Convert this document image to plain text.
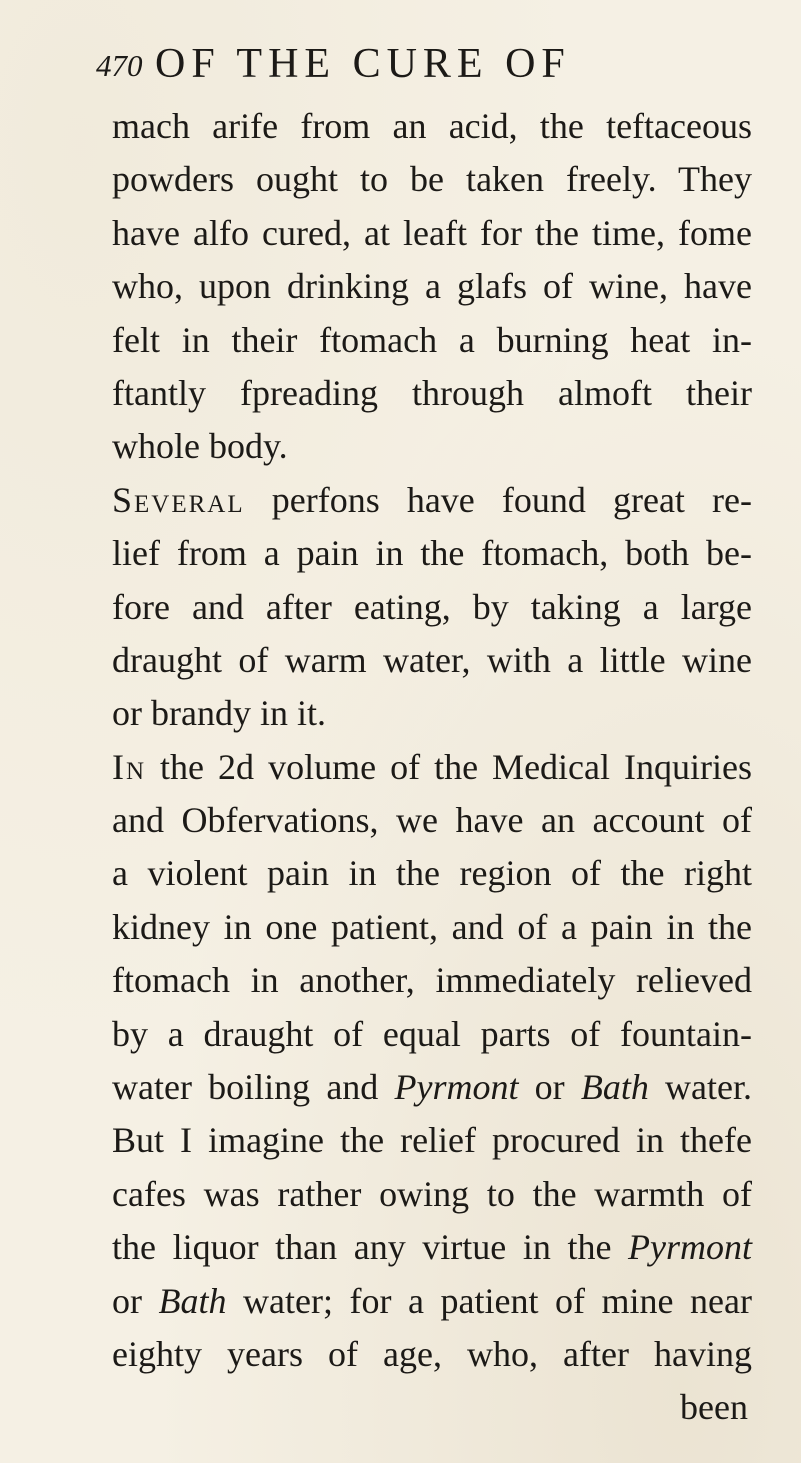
470 OF THE CURE OF
mach arife from an acid, the teftaceous
powders ought to be taken freely. They
have alfo cured, at leaft for the time, fome
who, upon drinking a glafs of wine, have
felt in their ftomach a burning heat in-
ftantly fpreading through almoft their
whole body.
Several perfons have found great re-
lief from a pain in the ftomach, both be-
fore and after eating, by taking a large
draught of warm water, with a little wine
or brandy in it.
In the 2d volume of the Medical Inquiries
and Obfervations, we have an account of
a violent pain in the region of the right
kidney in one patient, and of a pain in the
ftomach in another, immediately relieved
by a draught of equal parts of fountain-
water boiling and Pyrmont or Bath water.
But I imagine the relief procured in thefe
cafes was rather owing to the warmth of
the liquor than any virtue in the Pyrmont
or Bath water; for a patient of mine near
eighty years of age, who, after having
been
